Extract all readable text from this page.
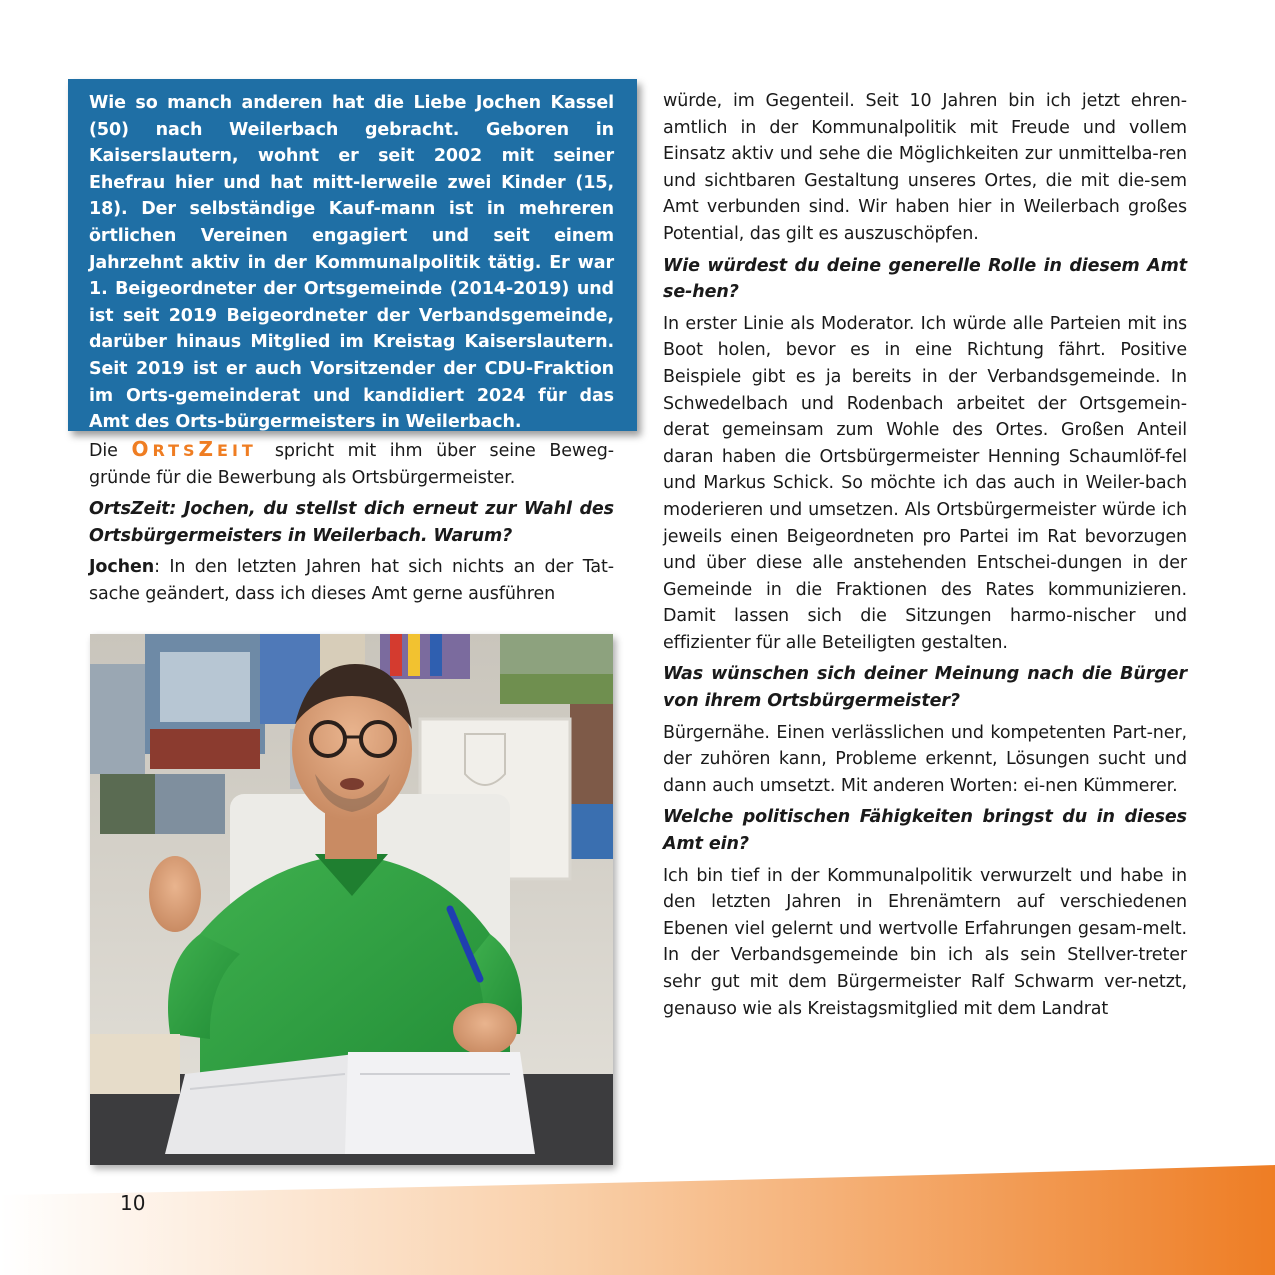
Wie so manch anderen hat die Liebe Jochen Kassel (50) nach Weilerbach gebracht. Geboren in Kaiserslautern, wohnt er seit 2002 mit seiner Ehefrau hier und hat mitt-lerweile zwei Kinder (15, 18). Der selbständige Kauf-mann ist in mehreren örtlichen Vereinen engagiert und seit einem Jahrzehnt aktiv in der Kommunalpolitik tätig. Er war 1. Beigeordneter der Ortsgemeinde (2014-2019) und ist seit 2019 Beigeordneter der Verbandsgemeinde, darüber hinaus Mitglied im Kreistag Kaiserslautern. Seit 2019 ist er auch Vorsitzender der CDU-Fraktion im Orts-gemeinderat und kandidiert 2024 für das Amt des Orts-bürgermeisters in Weilerbach.

Die ORTSZEIT spricht mit ihm über seine Beweg-gründe für die Bewerbung als Ortsbürgermeister.

OrtsZeit: Jochen, du stellst dich erneut zur Wahl des Ortsbürgermeisters in Weilerbach. Warum?

Jochen: In den letzten Jahren hat sich nichts an der Tat-sache geändert, dass ich dieses Amt gerne ausführen

würde, im Gegenteil. Seit 10 Jahren bin ich jetzt ehren-amtlich in der Kommunalpolitik mit Freude und vollem Einsatz aktiv und sehe die Möglichkeiten zur unmittelba-ren und sichtbaren Gestaltung unseres Ortes, die mit die-sem Amt verbunden sind. Wir haben hier in Weilerbach großes Potential, das gilt es auszuschöpfen.

Wie würdest du deine generelle Rolle in diesem Amt se-hen?

In erster Linie als Moderator. Ich würde alle Parteien mit ins Boot holen, bevor es in eine Richtung fährt. Positive Beispiele gibt es ja bereits in der Verbandsgemeinde. In Schwedelbach und Rodenbach arbeitet der Ortsgemein-derat gemeinsam zum Wohle des Ortes. Großen Anteil daran haben die Ortsbürgermeister Henning Schaumlöf-fel und Markus Schick. So möchte ich das auch in Weiler-bach moderieren und umsetzen. Als Ortsbürgermeister würde ich jeweils einen Beigeordneten pro Partei im Rat bevorzugen und über diese alle anstehenden Entschei-dungen in der Gemeinde in die Fraktionen des Rates kommunizieren. Damit lassen sich die Sitzungen harmo-nischer und effizienter für alle Beteiligten gestalten.

Was wünschen sich deiner Meinung nach die Bürger von ihrem Ortsbürgermeister?

Bürgernähe. Einen verlässlichen und kompetenten Part-ner, der zuhören kann, Probleme erkennt, Lösungen sucht und dann auch umsetzt. Mit anderen Worten: ei-nen Kümmerer.

Welche politischen Fähigkeiten bringst du in dieses Amt ein?

Ich bin tief in der Kommunalpolitik verwurzelt und habe in den letzten Jahren in Ehrenämtern auf verschiedenen Ebenen viel gelernt und wertvolle Erfahrungen gesam-melt. In der Verbandsgemeinde bin ich als sein Stellver-treter sehr gut mit dem Bürgermeister Ralf Schwarm ver-netzt, genauso wie als Kreistagsmitglied mit dem Landrat

10
